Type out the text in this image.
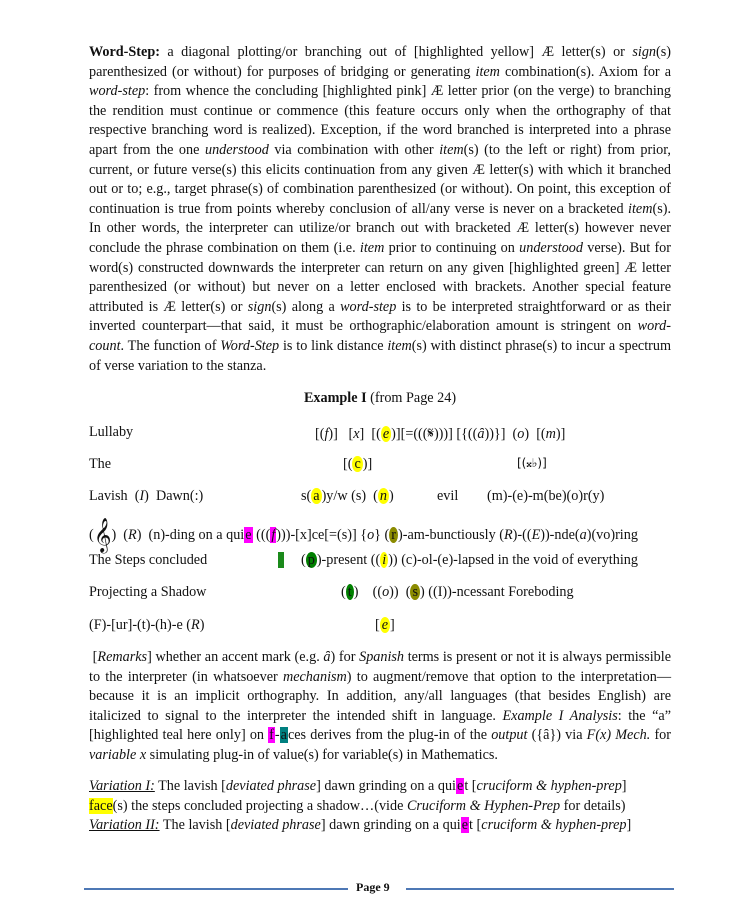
Word-Step: a diagonal plotting/or branching out of [highlighted yellow] Æ letter(s) or sign(s) parenthesized (or without) for purposes of bridging or generating item combination(s). Axiom for a word-step: from whence the concluding [highlighted pink] Æ letter prior (on the verge) to branching the rendition must continue or commence (this feature occurs only when the orthography of that respective branching word is realized). Exception, if the word branched is interpreted into a phrase apart from the one understood via combination with other item(s) (to the left or right) from prior, current, or future verse(s) this elicits continuation from any given Æ letter(s) with which it branched out or to; e.g., target phrase(s) of combination parenthesized (or without). On point, this exception of continuation is true from points whereby conclusion of all/any verse is never on a bracketed item(s). In other words, the interpreter can utilize/or branch out with bracketed Æ letter(s) however never conclude the phrase combination on them (i.e. item prior to continuing on understood verse). But for word(s) constructed downwards the interpreter can return on any given [highlighted green] Æ letter parenthesized (or without) but never on a letter enclosed with brackets. Another special feature attributed is Æ letter(s) or sign(s) along a word-step is to be interpreted straightforward or as their inverted counterpart—that said, it must be orthographic/elaboration amount is stringent on word-count. The function of Word-Step is to link distance item(s) with distinct phrase(s) to incur a spectrum of verse variation to the stanza.

Example I (from Page 24)
Lullaby	[(f)]   [x]  [( e )][=(((𝄋)))] [{((ȃ))}]  (o)  [(m)]
The	[( c )]	[(𝄪♭)]
Lavish  (I)  Dawn(:)	s( a )y/w (s)  ( n )	evil (m)-(e)-m(be)(o)r(y)
(𝄞)  (R)  (n)-ding on a quie (((f)))-[x]ce[=(s)] {o} ( r )-am-bunctiously (R)-((E))-nde(a)(vo)ring
The Steps concluded	( p )-present (( i )) (c)-ol-(e)-lapsed in the void of everything
Projecting a Shadow	( t )    ((o))  ( s ) ((I))-ncessant Foreboding
(F)-[ur]-(t)-(h)-e (R)	[ e ]

[Remarks] whether an accent mark (e.g. ȃ) for Spanish terms is present or not it is always permissible to the interpreter (in whatsoever mechanism) to augment/remove that option to the interpretation—because it is an implicit orthography. In addition, any/all languages (that besides English) are italicized to signal to the interpreter the intended shift in language. Example I Analysis: the “a” [highlighted teal here only] on f-aces derives from the plug-in of the output ({ȃ}) via F(x) Mech. for variable x simulating plug-in of value(s) for variable(s) in Mathematics.

Variation I: The lavish [deviated phrase] dawn grinding on a quiet [cruciform & hyphen-prep]
face(s) the steps concluded projecting a shadow…(vide Cruciform & Hyphen-Prep for details)
Variation II: The lavish [deviated phrase] dawn grinding on a quiet [cruciform & hyphen-prep]

Page 9
